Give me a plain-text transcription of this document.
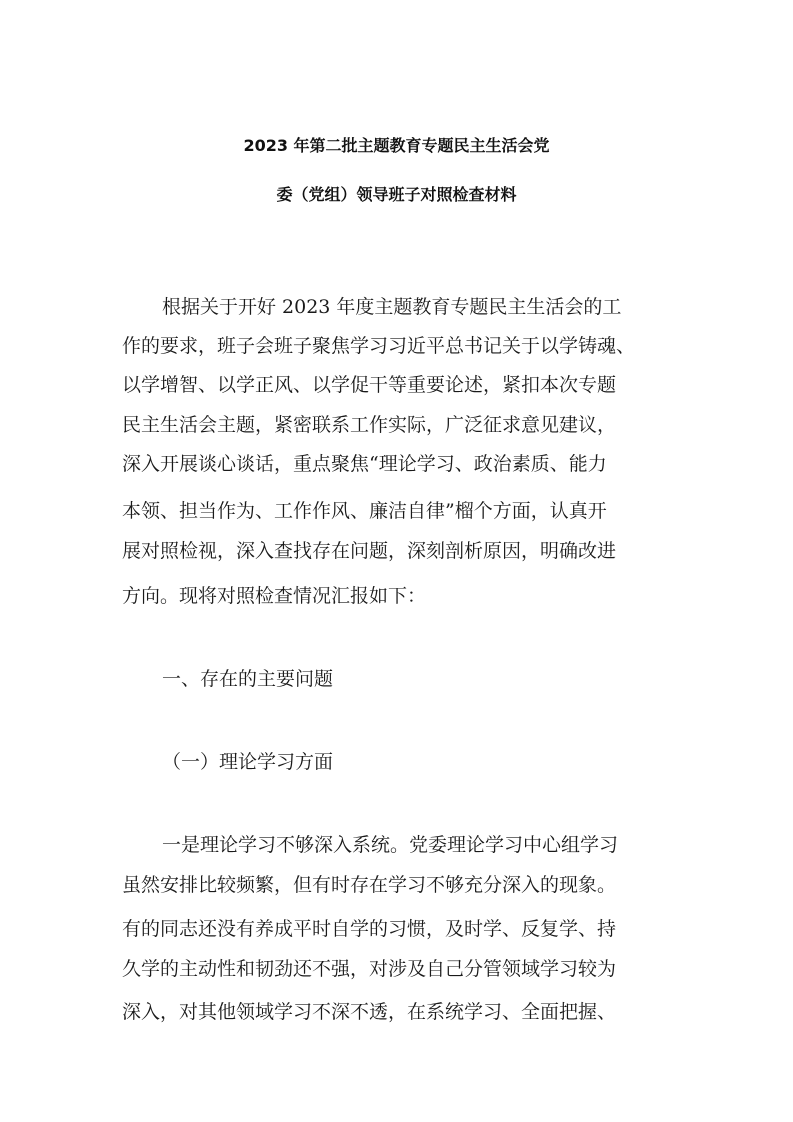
2023 年第二批主题教育专题民主生活会党
委（党组）领导班子对照检查材料
根据关于开好 2023 年度主题教育专题民主生活会的工
作的要求，班子会班子聚焦学习习近平总书记关于以学铸魂、
以学增智、以学正风、以学促干等重要论述，紧扣本次专题
民主生活会主题，紧密联系工作实际，广泛征求意见建议，
深入开展谈心谈话，重点聚焦“理论学习、政治素质、能力
本领、担当作为、工作作风、廉洁自律”榴个方面，认真开
展对照检视，深入查找存在问题，深刻剖析原因，明确改进
方向。现将对照检查情况汇报如下：
一、存在的主要问题
（一）理论学习方面
一是理论学习不够深入系统。党委理论学习中心组学习
虽然安排比较频繁，但有时存在学习不够充分深入的现象。
有的同志还没有养成平时自学的习惯，及时学、反复学、持
久学的主动性和韧劲还不强，对涉及自己分管领域学习较为
深入，对其他领域学习不深不透，在系统学习、全面把握、
